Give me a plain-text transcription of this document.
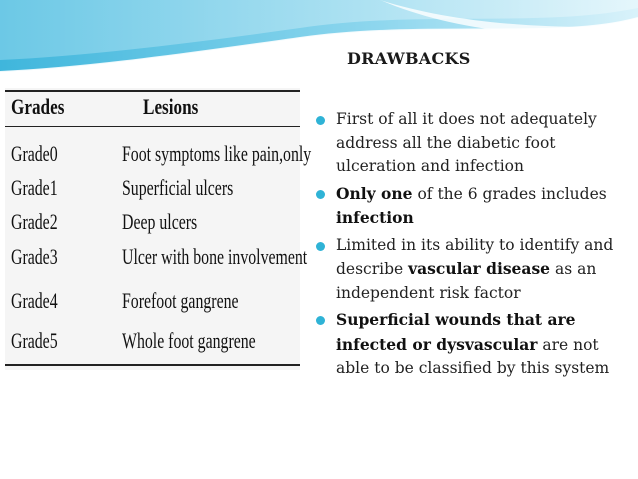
DRAWBACKS
Grades	Lesions
Grade0	Foot symptoms like pain,only
Grade1	Superficial ulcers
Grade2	Deep ulcers
Grade3	Ulcer with bone involvement
Grade4	Forefoot gangrene
Grade5	Whole foot gangrene
First of all it does not adequately address all the diabetic foot ulceration and infection
Only one of the 6 grades includes infection
Limited in its ability to identify and describe vascular disease as an independent risk factor
Superficial wounds that are infected or dysvascular are not able to be classified by this system
